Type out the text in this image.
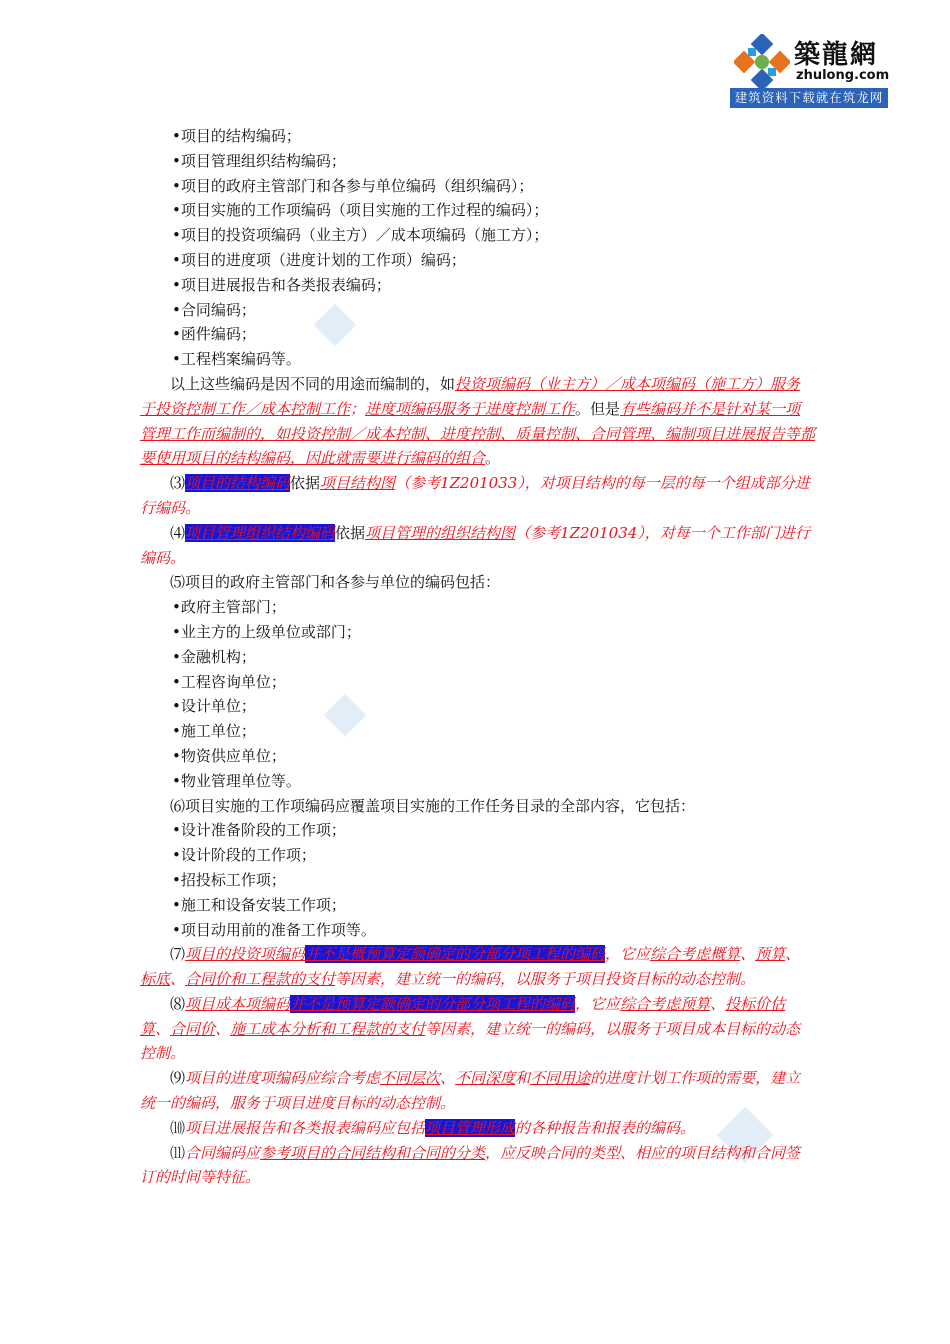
築龍網
zhulong.com
建筑资料下载就在筑龙网
•项目的结构编码；
•项目管理组织结构编码；
•项目的政府主管部门和各参与单位编码（组织编码）；
•项目实施的工作项编码（项目实施的工作过程的编码）；
•项目的投资项编码（业主方）／成本项编码（施工方）；
•项目的进度项（进度计划的工作项）编码；
•项目进展报告和各类报表编码；
•合同编码；
•函件编码；
•工程档案编码等。
以上这些编码是因不同的用途而编制的，如投资项编码（业主方）／成本项编码（施工方）服务于投资控制工作／成本控制工作；进度项编码服务于进度控制工作。但是有些编码并不是针对某一项管理工作而编制的，如投资控制／成本控制、进度控制、质量控制、合同管理、编制项目进展报告等都要使用项目的结构编码，因此就需要进行编码的组合。
⑶项目的结构编码依据项目结构图（参考1Z201033），对项目结构的每一层的每一个组成部分进行编码。
⑷项目管理组织结构编码依据项目管理的组织结构图（参考1Z201034），对每一个工作部门进行编码。
⑸项目的政府主管部门和各参与单位的编码包括：
•政府主管部门；
•业主方的上级单位或部门；
•金融机构；
•工程咨询单位；
•设计单位；
•施工单位；
•物资供应单位；
•物业管理单位等。
⑹项目实施的工作项编码应覆盖项目实施的工作任务目录的全部内容，它包括：
•设计准备阶段的工作项；
•设计阶段的工作项；
•招投标工作项；
•施工和设备安装工作项；
•项目动用前的准备工作项等。
⑺项目的投资项编码并不是概预算定额确定的分部分项工程的编码，它应综合考虑概算、预算、标底、合同价和工程款的支付等因素，建立统一的编码，以服务于项目投资目标的动态控制。
⑻项目成本项编码并不是预算定额确定的分部分项工程的编码，它应综合考虑预算、投标价估算、合同价、施工成本分析和工程款的支付等因素，建立统一的编码，以服务于项目成本目标的动态控制。
⑼项目的进度项编码应综合考虑不同层次、不同深度和不同用途的进度计划工作项的需要，建立统一的编码，服务于项目进度目标的动态控制。
⑽项目进展报告和各类报表编码应包括项目管理形成的各种报告和报表的编码。
⑾合同编码应参考项目的合同结构和合同的分类，应反映合同的类型、相应的项目结构和合同签订的时间等特征。
